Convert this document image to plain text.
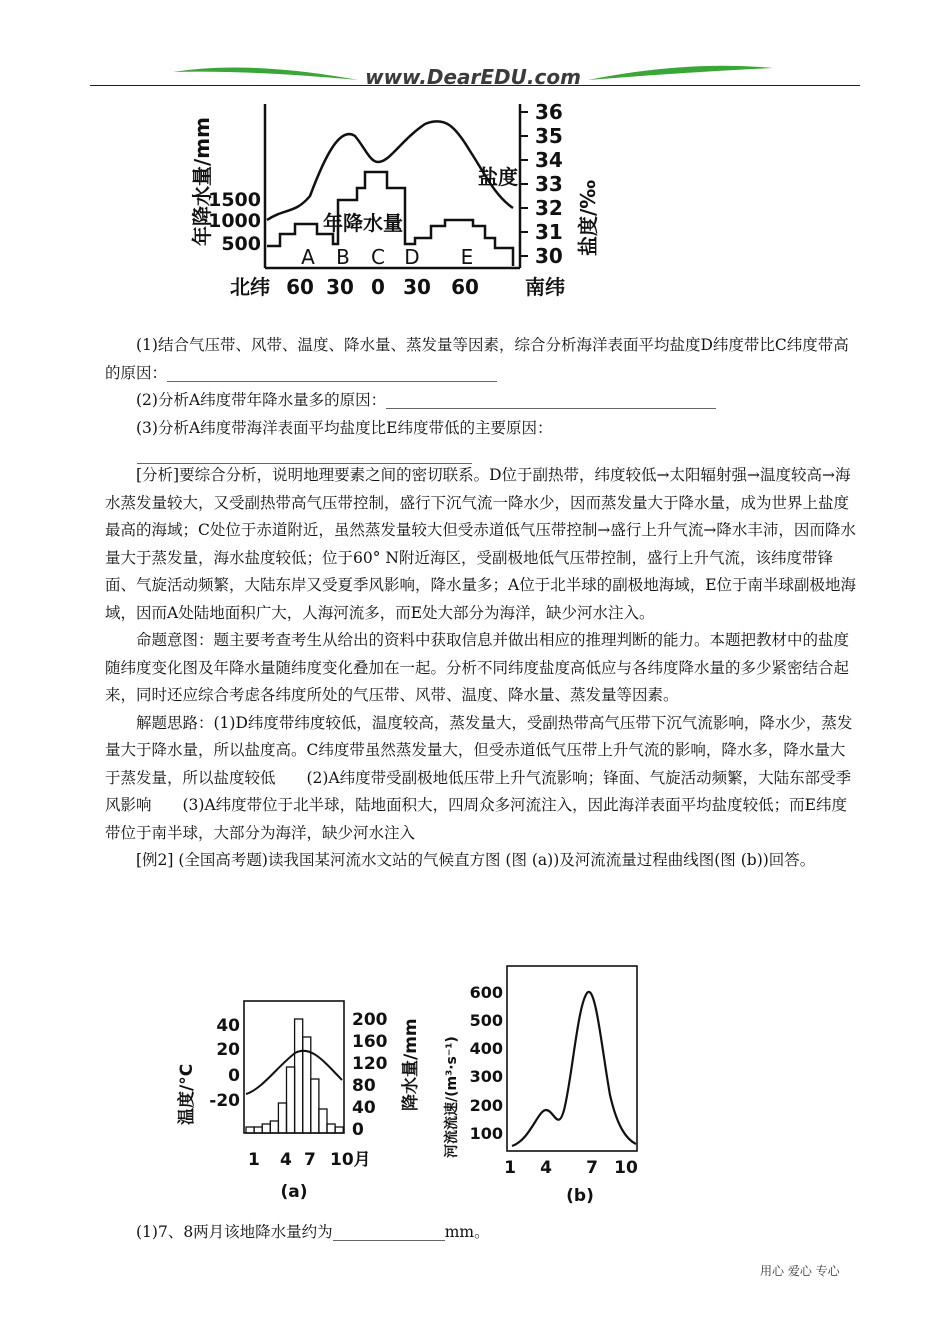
www.DearEDU.com
36
35
34
33
32
31
30
1500
1000
500
年降水量/mm	盐度/‰
盐度
年降水量
A B C D E
北纬 60 30 0 30 60 南纬

(1)结合气压带、风带、温度、降水量、蒸发量等因素，综合分析海洋表面平均盐度D纬度带比C纬度带高的原因：

(2)分析A纬度带年降水量多的原因：

(3)分析A纬度带海洋表面平均盐度比E纬度带低的主要原因：

[分析]要综合分析，说明地理要素之间的密切联系。D位于副热带，纬度较低→太阳辐射强→温度较高→海水蒸发量较大，又受副热带高气压带控制，盛行下沉气流一降水少，因而蒸发量大于降水量，成为世界上盐度最高的海域；C处位于赤道附近，虽然蒸发量较大但受赤道低气压带控制→盛行上升气流→降水丰沛，因而降水量大于蒸发量，海水盐度较低；位于60° N附近海区，受副极地低气压带控制，盛行上升气流，该纬度带锋面、气旋活动频繁，大陆东岸又受夏季风影响，降水量多；A位于北半球的副极地海域，E位于南半球副极地海域，因而A处陆地面积广大，人海河流多，而E处大部分为海洋，缺少河水注入。

命题意图：题主要考查考生从给出的资料中获取信息并做出相应的推理判断的能力。本题把教材中的盐度随纬度变化图及年降水量随纬度变化叠加在一起。分析不同纬度盐度高低应与各纬度降水量的多少紧密结合起来，同时还应综合考虑各纬度所处的气压带、风带、温度、降水量、蒸发量等因素。

解题思路：(1)D纬度带纬度较低，温度较高，蒸发量大，受副热带高气压带下沉气流影响，降水少，蒸发量大于降水量，所以盐度高。C纬度带虽然蒸发量大，但受赤道低气压带上升气流的影响，降水多，降水量大于蒸发量，所以盐度较低　　(2)A纬度带受副极地低压带上升气流影响；锋面、气旋活动频繁，大陆东部受季风影响　　(3)A纬度带位于北半球，陆地面积大，四周众多河流注入，因此海洋表面平均盐度较低；而E纬度带位于南半球，大部分为海洋，缺少河水注入

[例2] (全国高考题)读我国某河流水文站的气候直方图 (图 (a))及河流流量过程曲线图(图 (b))回答。

40
20
0
-20
200
160
120
80
40
0
温度/°C	降水量/mm
1 4 7 10月
(a)
600
500
400
300
200
100
河流流速/(m³·s⁻¹)
1 4 7 10
(b)

(1)7、8两月该地降水量约为	mm。

用心 爱心 专心
